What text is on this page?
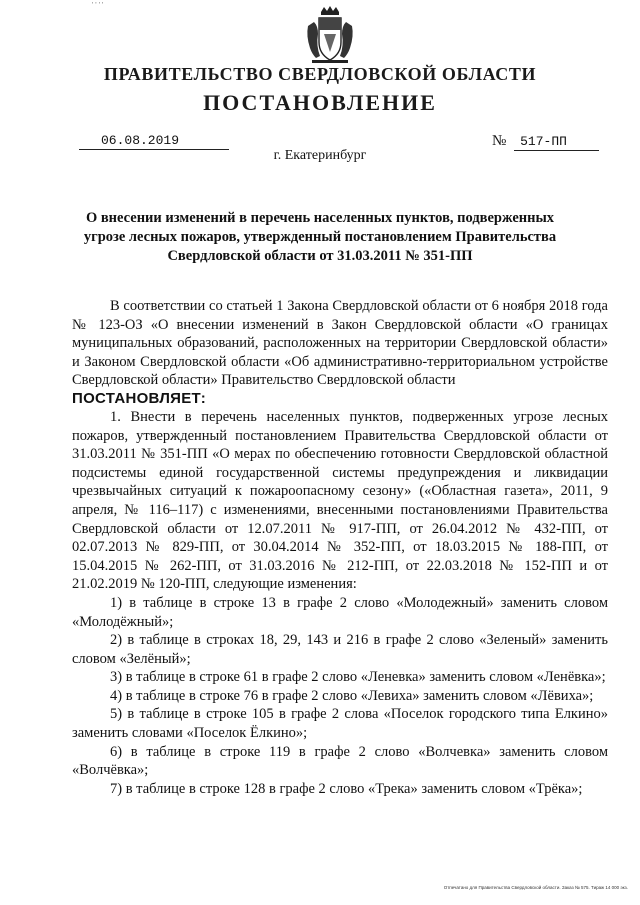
' ' ' '
ПРАВИТЕЛЬСТВО СВЕРДЛОВСКОЙ ОБЛАСТИ
ПОСТАНОВЛЕНИЕ
06.08.2019	№ 517-ПП
г. Екатеринбург
О внесении изменений в перечень населенных пунктов, подверженных угрозе лесных пожаров, утвержденный постановлением Правительства Свердловской области от 31.03.2011 № 351-ПП

В соответствии со статьей 1 Закона Свердловской области от 6 ноября 2018 года № 123-ОЗ «О внесении изменений в Закон Свердловской области «О границах муниципальных образований, расположенных на территории Свердловской области» и Законом Свердловской области «Об административно-территориальном устройстве Свердловской области» Правительство Свердловской области

ПОСТАНОВЛЯЕТ:

1. Внести в перечень населенных пунктов, подверженных угрозе лесных пожаров, утвержденный постановлением Правительства Свердловской области от 31.03.2011 № 351-ПП «О мерах по обеспечению готовности Свердловской областной подсистемы единой государственной системы предупреждения и ликвидации чрезвычайных ситуаций к пожароопасному сезону» («Областная газета», 2011, 9 апреля, № 116–117) с изменениями, внесенными постановлениями Правительства Свердловской области от 12.07.2011 № 917-ПП, от 26.04.2012 № 432-ПП, от 02.07.2013 № 829-ПП, от 30.04.2014 № 352-ПП, от 18.03.2015 № 188-ПП, от 15.04.2015 № 262-ПП, от 31.03.2016 № 212-ПП, от 22.03.2018 № 152-ПП и от 21.02.2019 № 120-ПП, следующие изменения:

1) в таблице в строке 13 в графе 2 слово «Молодежный» заменить словом «Молодёжный»;

2) в таблице в строках 18, 29, 143 и 216 в графе 2 слово «Зеленый» заменить словом «Зелёный»;

3) в таблице в строке 61 в графе 2 слово «Леневка» заменить словом «Ленёвка»;

4) в таблице в строке 76 в графе 2 слово «Левиха» заменить словом «Лёвиха»;

5) в таблице в строке 105 в графе 2 слова «Поселок городского типа Елкино» заменить словами «Поселок Ёлкино»;

6) в таблице в строке 119 в графе 2 слово «Волчевка» заменить словом «Волчёвка»;

7) в таблице в строке 128 в графе 2 слово «Трека» заменить словом «Трёка»;

Отпечатано для Правительства Свердловской области. Заказ № 575. Тираж 14 000 экз.
